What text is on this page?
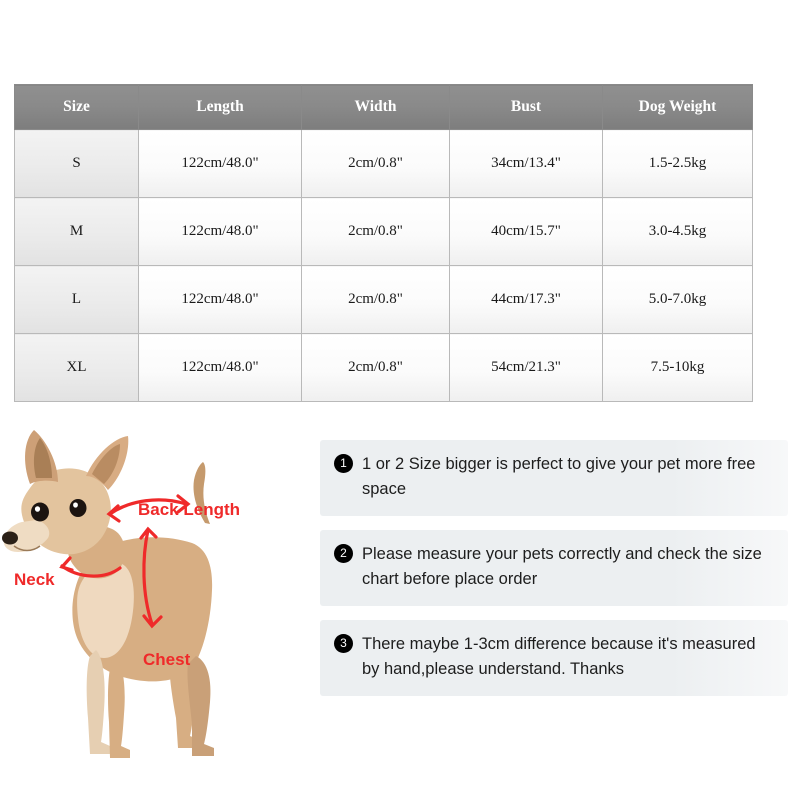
Size	Length	Width	Bust	Dog Weight
S	122cm/48.0"	2cm/0.8"	34cm/13.4"	1.5-2.5kg
M	122cm/48.0"	2cm/0.8"	40cm/15.7"	3.0-4.5kg
L	122cm/48.0"	2cm/0.8"	44cm/17.3"	5.0-7.0kg
XL	122cm/48.0"	2cm/0.8"	54cm/21.3"	7.5-10kg
Back Length
Neck
Chest
1 1 or 2 Size bigger is perfect to give your pet more free space
2 Please measure your pets correctly and check the size chart before place order
3 There maybe 1-3cm difference because it's measured by hand,please understand. Thanks
